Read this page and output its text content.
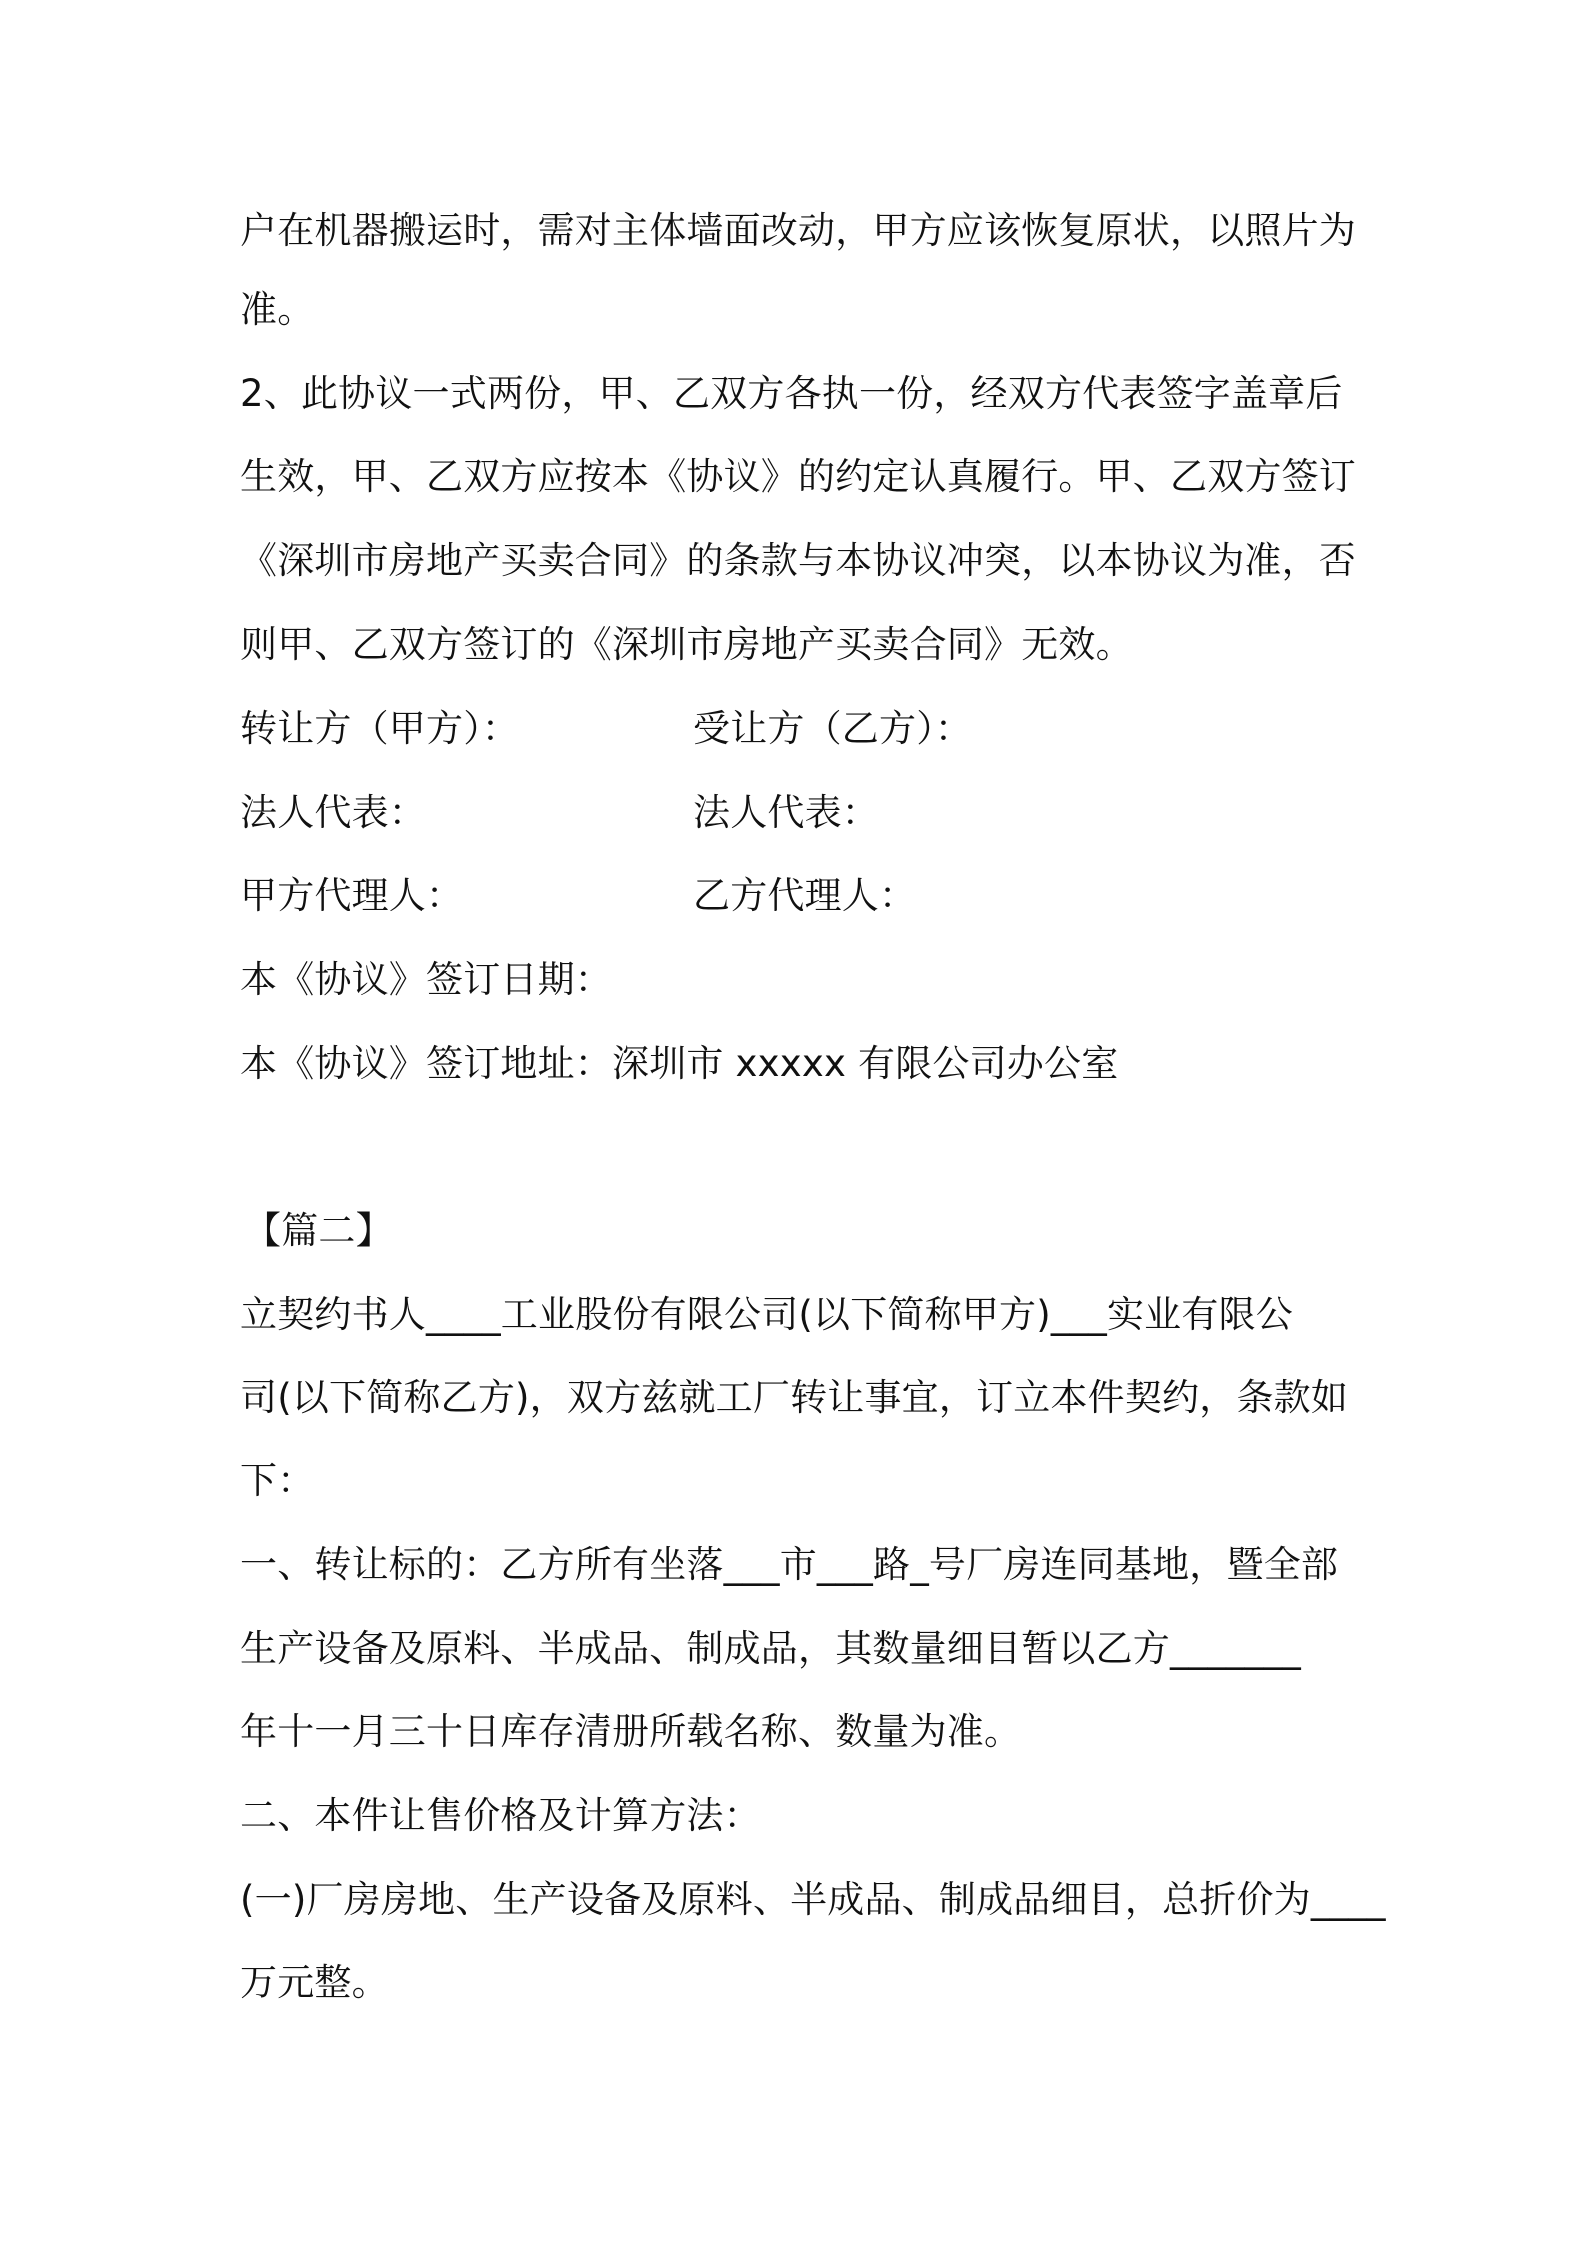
户在机器搬运时，需对主体墙面改动，甲方应该恢复原状，以照片为
准。
2、此协议一式两份，甲、乙双方各执一份，经双方代表签字盖章后
生效，甲、乙双方应按本《协议》的约定认真履行。甲、乙双方签订
《深圳市房地产买卖合同》的条款与本协议冲突，以本协议为准，否
则甲、乙双方签订的《深圳市房地产买卖合同》无效。
转让方（甲方）：	受让方（乙方）：
法人代表：	法人代表：
甲方代理人：	乙方代理人：
本《协议》签订日期：
本《协议》签订地址：深圳市 xxxxx 有限公司办公室
【篇二】
立契约书人____工业股份有限公司(以下简称甲方)___实业有限公
司(以下简称乙方)，双方兹就工厂转让事宜，订立本件契约，条款如
下：
一、转让标的：乙方所有坐落___市___路_号厂房连同基地，暨全部
生产设备及原料、半成品、制成品，其数量细目暂以乙方_______
年十一月三十日库存清册所载名称、数量为准。
二、本件让售价格及计算方法：
(一)厂房房地、生产设备及原料、半成品、制成品细目，总折价为____
万元整。
